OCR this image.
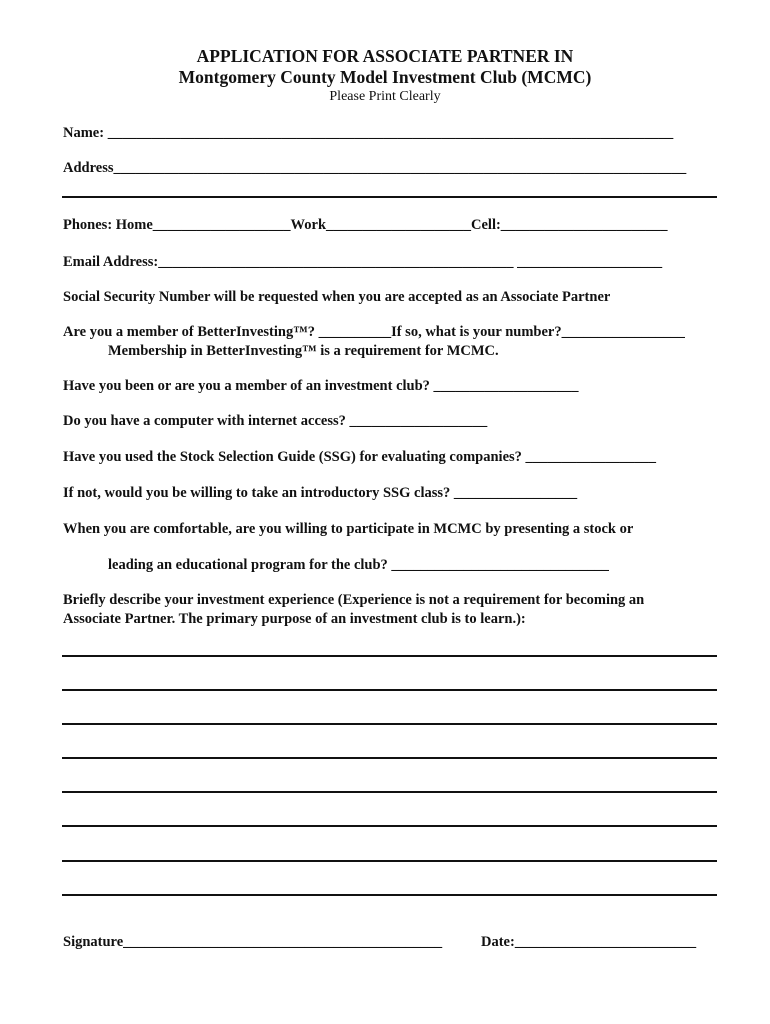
APPLICATION FOR ASSOCIATE PARTNER IN
Montgomery County Model Investment Club (MCMC)
Please Print Clearly
Name: ______________________________________________________________________________
Address_______________________________________________________________________________
Phones: Home___________________Work____________________Cell:_______________________
Email Address:_________________________________________________ ____________________
Social Security Number will be requested when you are accepted as an Associate Partner
Are you a member of BetterInvesting™? __________If so, what is your number?_________________
Membership in BetterInvesting™ is a requirement for MCMC.
Have you been or are you a member of an investment club? ____________________
Do you have a computer with internet access? ___________________
Have you used the Stock Selection Guide (SSG) for evaluating companies? __________________
If not, would you be willing to take an introductory SSG class? _________________
When you are comfortable, are you willing to participate in MCMC by presenting a stock or
leading an educational program for the club? ______________________________
Briefly describe your investment experience (Experience is not a requirement for becoming an
Associate Partner. The primary purpose of an investment club is to learn.):
Signature____________________________________________	Date:_________________________
